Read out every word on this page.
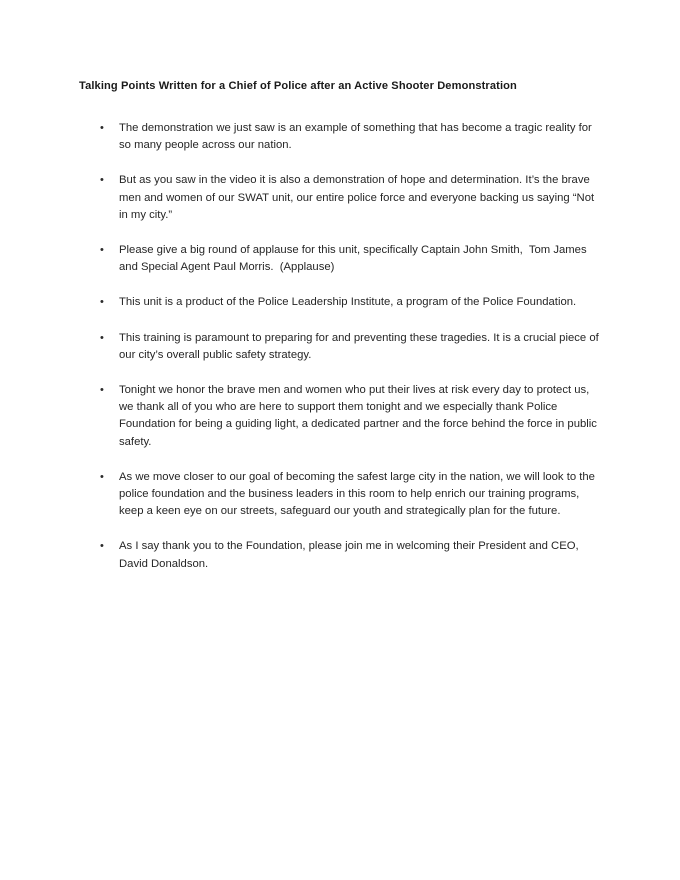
Talking Points Written for a Chief of Police after an Active Shooter Demonstration
• The demonstration we just saw is an example of something that has become a tragic reality for so many people across our nation.
• But as you saw in the video it is also a demonstration of hope and determination. It’s the brave men and women of our SWAT unit, our entire police force and everyone backing us saying “Not in my city.”
• Please give a big round of applause for this unit, specifically Captain John Smith,  Tom James and Special Agent Paul Morris.  (Applause)
• This unit is a product of the Police Leadership Institute, a program of the Police Foundation.
• This training is paramount to preparing for and preventing these tragedies. It is a crucial piece of our city’s overall public safety strategy.
• Tonight we honor the brave men and women who put their lives at risk every day to protect us, we thank all of you who are here to support them tonight and we especially thank Police Foundation for being a guiding light, a dedicated partner and the force behind the force in public safety.
• As we move closer to our goal of becoming the safest large city in the nation, we will look to the police foundation and the business leaders in this room to help enrich our training programs, keep a keen eye on our streets, safeguard our youth and strategically plan for the future.
• As I say thank you to the Foundation, please join me in welcoming their President and CEO, David Donaldson.
